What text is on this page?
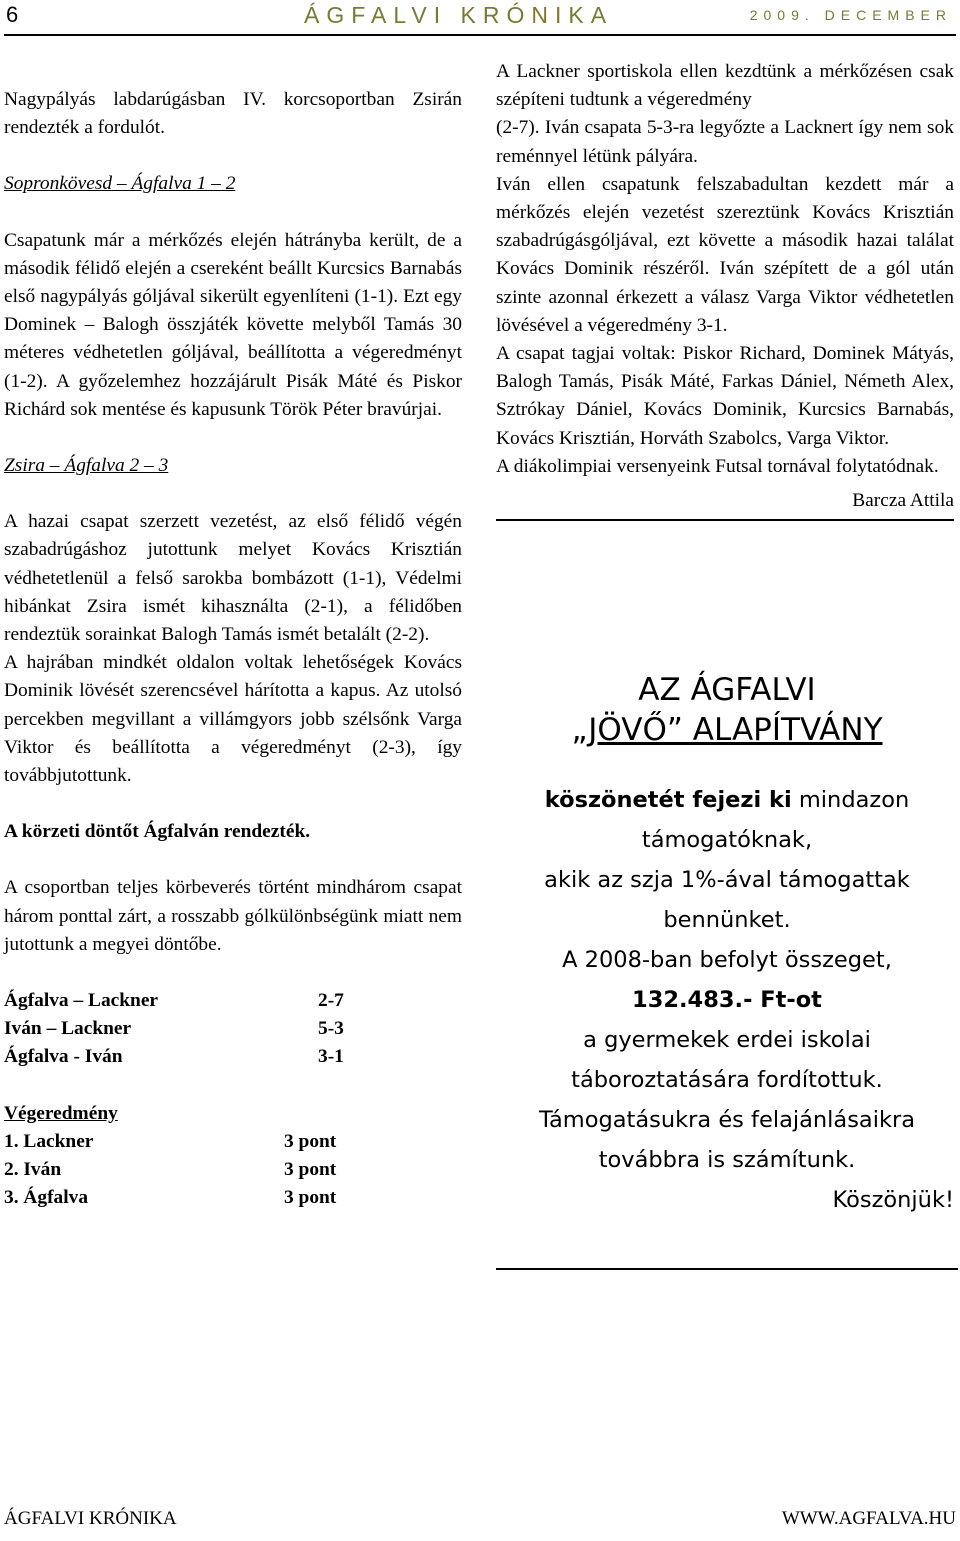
6	ÁGFALVI KRÓNIKA	2009. DECEMBER

Nagypályás labdarúgásban IV. korcsoportban Zsirán rendezték a fordulót.

Sopronkövesd – Ágfalva 1 – 2

Csapatunk már a mérkőzés elején hátrányba került, de a második félidő elején a csereként beállt Kurcsics Barnabás első nagypályás góljával sikerült egyenlíteni (1-1). Ezt egy Dominek – Balogh összjáték követte melyből Tamás 30 méteres védhetetlen góljával, beállította a végeredményt (1-2). A győzelemhez hozzájárult Pisák Máté és Piskor Richárd sok mentése és kapusunk Török Péter bravúrjai.

Zsira – Ágfalva 2 – 3

A hazai csapat szerzett vezetést, az első félidő végén szabadrúgáshoz jutottunk melyet Kovács Krisztián védhetetlenül a felső sarokba bombázott (1-1), Védelmi hibánkat Zsira ismét kihasználta (2-1), a félidőben rendeztük sorainkat Balogh Tamás ismét betalált (2-2).

A hajrában mindkét oldalon voltak lehetőségek Kovács Dominik lövését szerencsével hárította a kapus. Az utolsó percekben megvillant a villámgyors jobb szélsőnk Varga Viktor és beállította a végeredményt (2-3), így továbbjutottunk.

A körzeti döntőt Ágfalván rendezték.

A csoportban teljes körbeverés történt mindhárom csapat három ponttal zárt, a rosszabb gólkülönbségünk miatt nem jutottunk a megyei döntőbe.

Ágfalva – Lackner	2-7
Iván – Lackner	5-3
Ágfalva - Iván	3-1

Végeredmény

1. Lackner	3 pont
2. Iván	3 pont
3. Ágfalva	3 pont

A Lackner sportiskola ellen kezdtünk a mérkőzésen csak szépíteni tudtunk a végeredmény

(2-7). Iván csapata 5-3-ra legyőzte a Lacknert így nem sok reménnyel létünk pályára.

Iván ellen csapatunk felszabadultan kezdett már a mérkőzés elején vezetést szereztünk Kovács Krisztián szabadrúgásgóljával, ezt követte a második hazai találat Kovács Dominik részéről. Iván szépített de a gól után szinte azonnal érkezett a válasz Varga Viktor védhetetlen lövésével a végeredmény 3-1.

A csapat tagjai voltak: Piskor Richard, Dominek Mátyás, Balogh Tamás, Pisák Máté, Farkas Dániel, Németh Alex, Sztrókay Dániel, Kovács Dominik, Kurcsics Barnabás, Kovács Krisztián, Horváth Szabolcs, Varga Viktor.

A diákolimpiai versenyeink Futsal tornával folytatódnak.

Barcza Attila

AZ ÁGFALVI
„JÖVŐ” ALAPÍTVÁNY
köszönetét fejezi ki mindazon
támogatóknak,
akik az szja 1%-ával támogattak
bennünket.
A 2008-ban befolyt összeget,
132.483.- Ft-ot
a gyermekek erdei iskolai
táboroztatására fordítottuk.
Támogatásukra és felajánlásaikra
továbbra is számítunk.
Köszönjük!
ÁGFALVI KRÓNIKA	WWW.AGFALVA.HU
